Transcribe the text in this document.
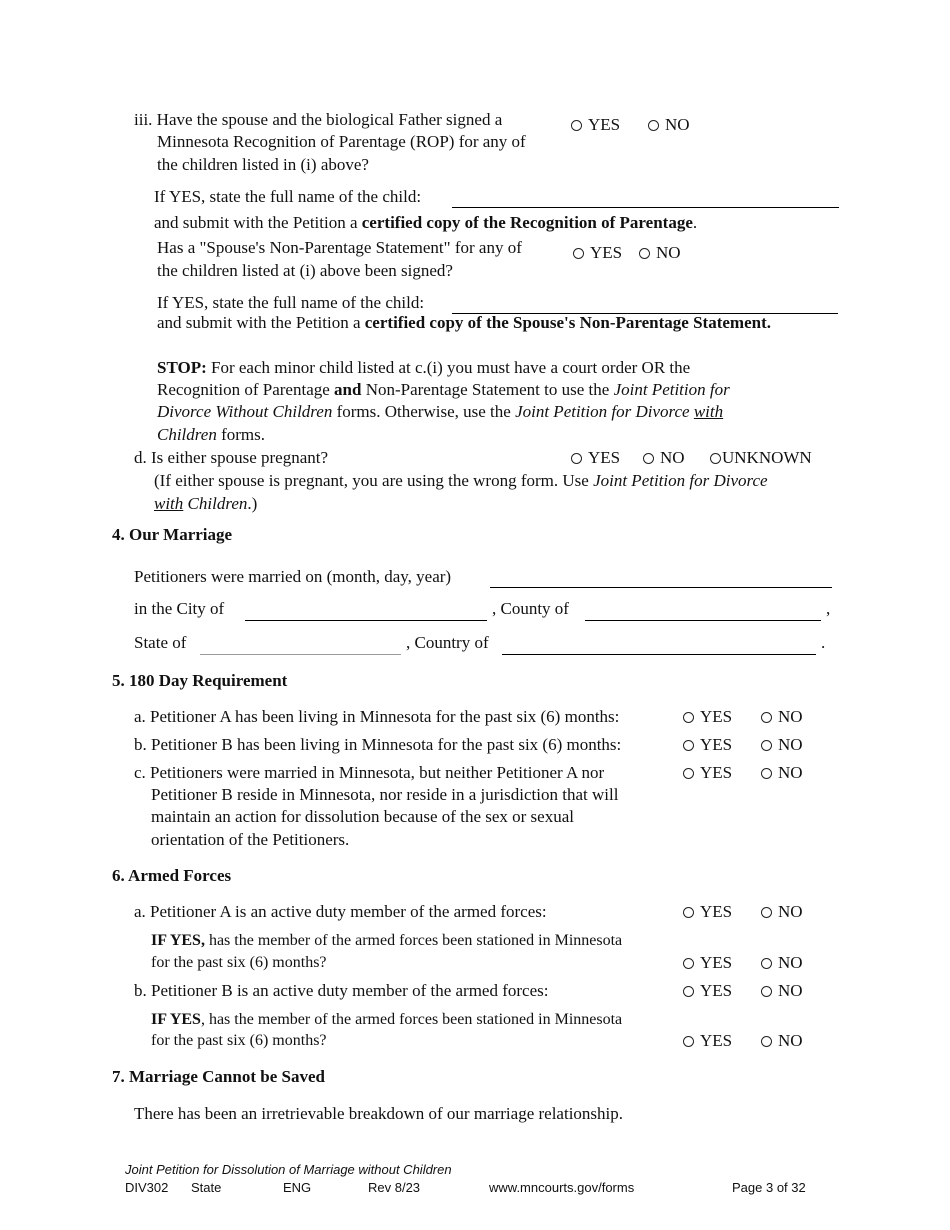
iii. Have the spouse and the biological Father signed a
Minnesota Recognition of Parentage (ROP) for any of
the children listed in (i) above?
YES	NO
If YES, state the full name of the child:
and submit with the Petition a certified copy of the Recognition of Parentage.
Has a "Spouse's Non-Parentage Statement" for any of
the children listed at (i) above been signed?
YES	NO
If YES, state the full name of the child:
and submit with the Petition a certified copy of the Spouse's Non-Parentage Statement.
STOP: For each minor child listed at c.(i) you must have a court order OR the
Recognition of Parentage and Non-Parentage Statement to use the Joint Petition for
Divorce Without Children forms. Otherwise, use the Joint Petition for Divorce with
Children forms.
d. Is either spouse pregnant?	YES	NO	UNKNOWN
(If either spouse is pregnant, you are using the wrong form. Use Joint Petition for Divorce
with Children.)
4. Our Marriage
Petitioners were married on (month, day, year)
in the City of	, County of	,
State of	, Country of	.
5. 180 Day Requirement
a. Petitioner A has been living in Minnesota for the past six (6) months:	YES	NO
b. Petitioner B has been living in Minnesota for the past six (6) months:	YES	NO
c. Petitioners were married in Minnesota, but neither Petitioner A nor
Petitioner B reside in Minnesota, nor reside in a jurisdiction that will
maintain an action for dissolution because of the sex or sexual
orientation of the Petitioners.
YES	NO
6. Armed Forces
a. Petitioner A is an active duty member of the armed forces:	YES	NO
IF YES, has the member of the armed forces been stationed in Minnesota
for the past six (6) months?	YES	NO
b. Petitioner B is an active duty member of the armed forces:	YES	NO
IF YES, has the member of the armed forces been stationed in Minnesota
for the past six (6) months?	YES	NO
7. Marriage Cannot be Saved
There has been an irretrievable breakdown of our marriage relationship.
Joint Petition for Dissolution of Marriage without Children
DIV302 State	ENG	Rev 8/23	www.mncourts.gov/forms	Page 3 of 32
